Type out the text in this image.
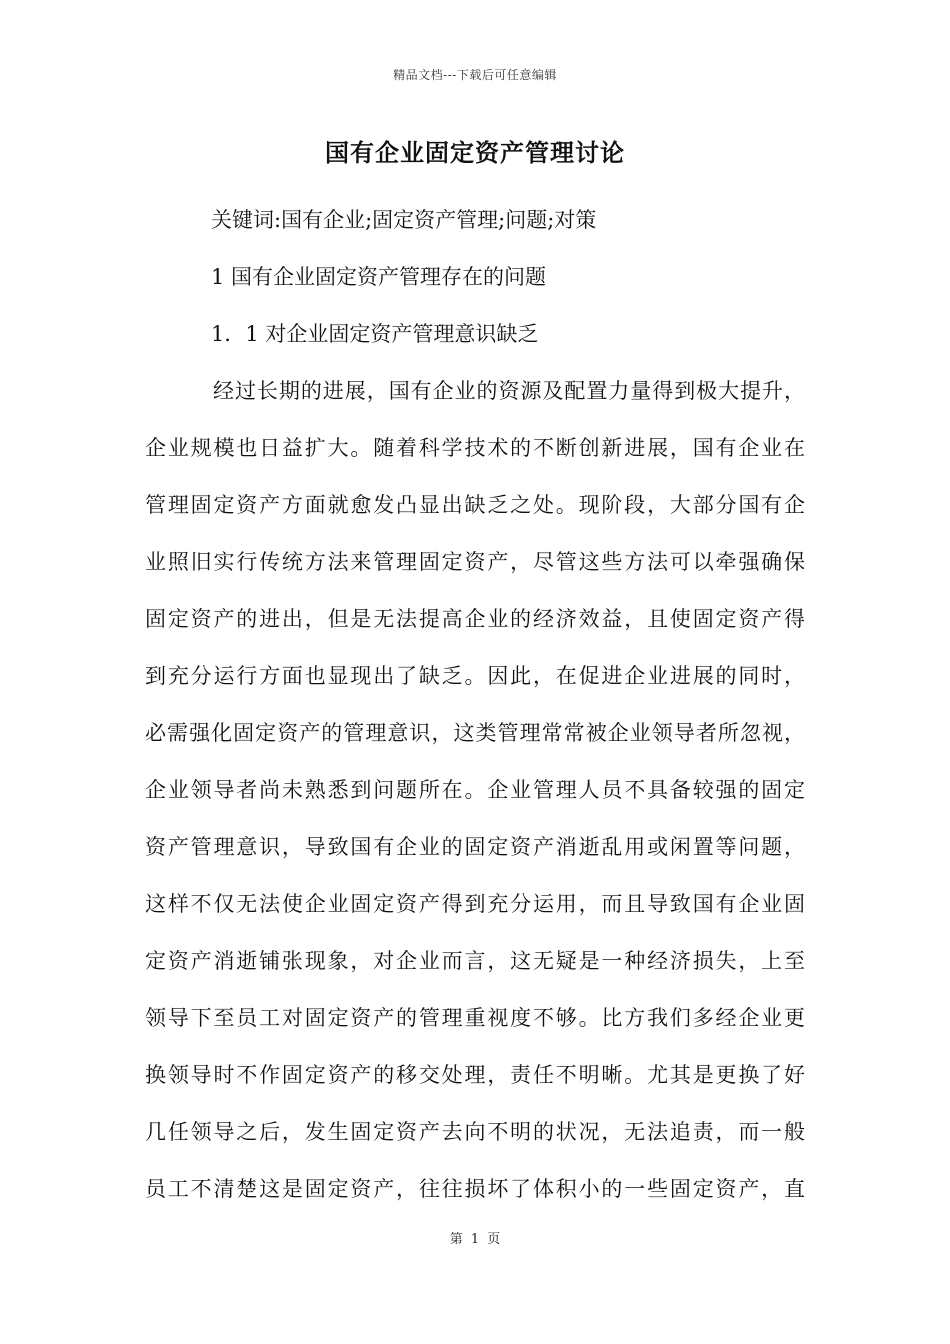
精品文档---下载后可任意编辑
国有企业固定资产管理讨论
关键词:国有企业;固定资产管理;问题;对策
1 国有企业固定资产管理存在的问题
1．1 对企业固定资产管理意识缺乏
经过长期的进展，国有企业的资源及配置力量得到极大提升，
企业规模也日益扩大。随着科学技术的不断创新进展，国有企业在
管理固定资产方面就愈发凸显出缺乏之处。现阶段，大部分国有企
业照旧实行传统方法来管理固定资产，尽管这些方法可以牵强确保
固定资产的进出，但是无法提高企业的经济效益，且使固定资产得
到充分运行方面也显现出了缺乏。因此，在促进企业进展的同时，
必需强化固定资产的管理意识，这类管理常常被企业领导者所忽视，
企业领导者尚未熟悉到问题所在。企业管理人员不具备较强的固定
资产管理意识，导致国有企业的固定资产消逝乱用或闲置等问题，
这样不仅无法使企业固定资产得到充分运用，而且导致国有企业固
定资产消逝铺张现象，对企业而言，这无疑是一种经济损失，上至
领导下至员工对固定资产的管理重视度不够。比方我们多经企业更
换领导时不作固定资产的移交处理，责任不明晰。尤其是更换了好
几任领导之后，发生固定资产去向不明的状况，无法追责，而一般
员工不清楚这是固定资产，往往损坏了体积小的一些固定资产，直
第 1 页
